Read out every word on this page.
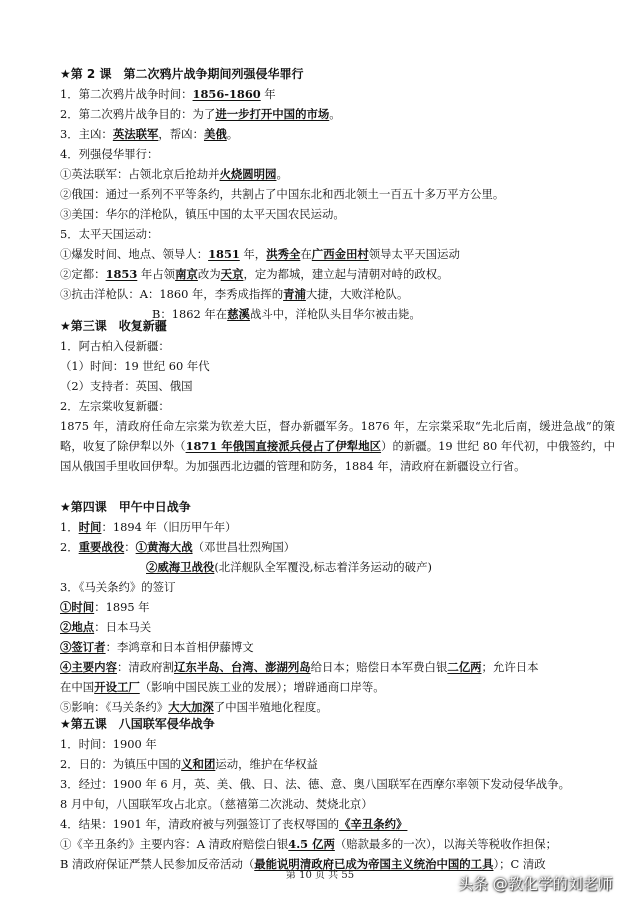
★第 2 课　第二次鸦片战争期间列强侵华罪行
1．第二次鸦片战争时间：1856-1860 年
2．第二次鸦片战争目的：为了进一步打开中国的市场。
3．主凶：英法联军，帮凶：美俄。
4．列强侵华罪行：
①英法联军：占领北京后抢劫并火烧圆明园。
②俄国：通过一系列不平等条约，共割占了中国东北和西北领土一百五十多万平方公里。
③美国：华尔的洋枪队，镇压中国的太平天国农民运动。
5．太平天国运动：
①爆发时间、地点、领导人：1851 年，洪秀全在广西金田村领导太平天国运动
②定都：1853 年占领南京改为天京，定为都城，建立起与清朝对峙的政权。
③抗击洋枪队：A：1860 年，李秀成指挥的青浦大捷，大败洋枪队。
B：1862 年在慈溪战斗中，洋枪队头目华尔被击毙。
★第三课　收复新疆
1．阿古柏入侵新疆：
（1）时间：19 世纪 60 年代
（2）支持者：英国、俄国
2．左宗棠收复新疆：
1875 年，清政府任命左宗棠为钦差大臣，督办新疆军务。1876 年，左宗棠采取“先北后南，缓进急战”的策略，收复了除伊犁以外（1871 年俄国直接派兵侵占了伊犁地区）的新疆。19 世纪 80 年代初，中俄签约，中国从俄国手里收回伊犁。为加强西北边疆的管理和防务，1884 年，清政府在新疆设立行省。
★第四课　甲午中日战争
1．时间：1894 年（旧历甲午年）
2．重要战役：①黄海大战（邓世昌壮烈殉国）
②威海卫战役(北洋舰队全军覆没,标志着洋务运动的破产)
3．《马关条约》的签订
①时间：1895 年
②地点：日本马关
③签订者：李鸿章和日本首相伊藤博文
④主要内容：清政府割辽东半岛、台湾、澎湖列岛给日本；赔偿日本军费白银二亿两；允许日本
在中国开设工厂（影响中国民族工业的发展）；增辟通商口岸等。
⑤影响：《马关条约》大大加深了中国半殖地化程度。
★第五课　八国联军侵华战争
1．时间：1900 年
2．日的：为镇压中国的义和团运动，维护在华权益
3．经过：1900 年 6 月，英、美、俄、日、法、德、意、奥八国联军在西摩尔率领下发动侵华战争。
8 月中旬，八国联军攻占北京。（慈禧第二次洮动、焚烧北京）
4．结果：1901 年，清政府被与列强签订了丧权辱国的《辛丑条约》
①《辛丑条约》主要内容：A 清政府赔偿白银4.5 亿两（赔款最多的一次），以海关等税收作担保；
B 清政府保证严禁人民参加反帝活动（最能说明清政府已成为帝国主义统治中国的工具）；C 清政
第 10 页 共 55	头条 @教化学的刘老师
